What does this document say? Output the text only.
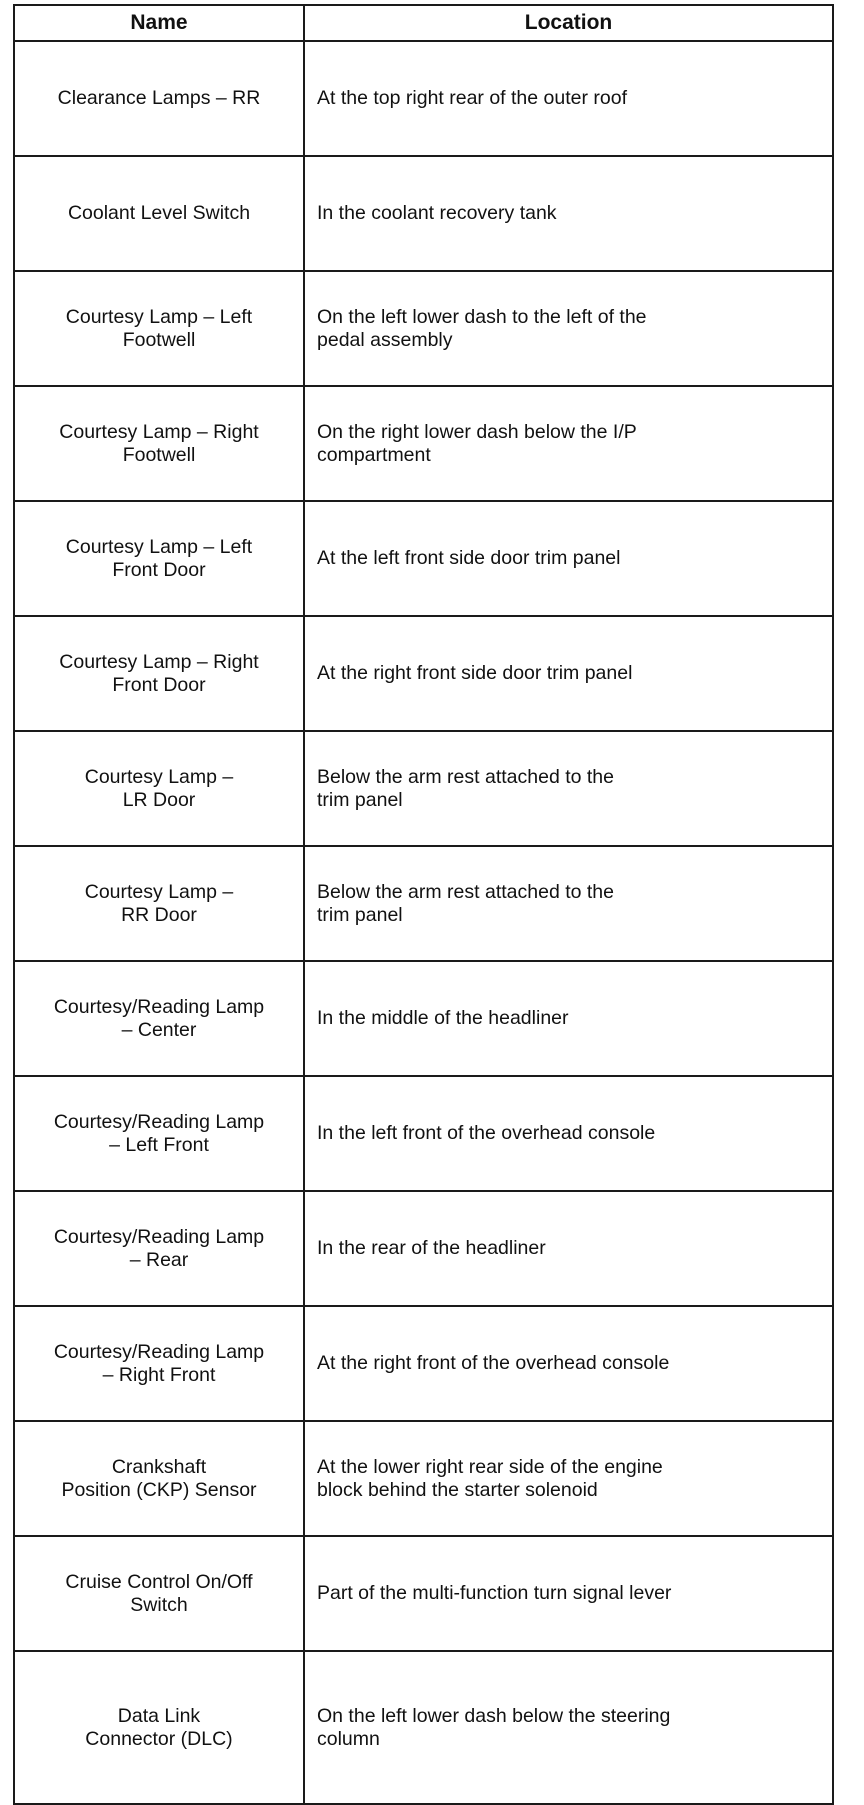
Name	Location

Clearance Lamps – RR	At the top right rear of the outer roof

Coolant Level Switch	In the coolant recovery tank

Courtesy Lamp – Left
Footwell	On the left lower dash to the left of the
pedal assembly

Courtesy Lamp – Right
Footwell	On the right lower dash below the I/P
compartment

Courtesy Lamp – Left
Front Door	At the left front side door trim panel

Courtesy Lamp – Right
Front Door	At the right front side door trim panel

Courtesy Lamp –
LR Door	Below the arm rest attached to the
trim panel

Courtesy Lamp –
RR Door	Below the arm rest attached to the
trim panel

Courtesy/Reading Lamp
– Center	In the middle of the headliner

Courtesy/Reading Lamp
– Left Front	In the left front of the overhead console

Courtesy/Reading Lamp
– Rear	In the rear of the headliner

Courtesy/Reading Lamp
– Right Front	At the right front of the overhead console

Crankshaft
Position (CKP) Sensor	At the lower right rear side of the engine
block behind the starter solenoid

Cruise Control On/Off
Switch	Part of the multi-function turn signal lever

Data Link
Connector (DLC)	On the left lower dash below the steering
column
